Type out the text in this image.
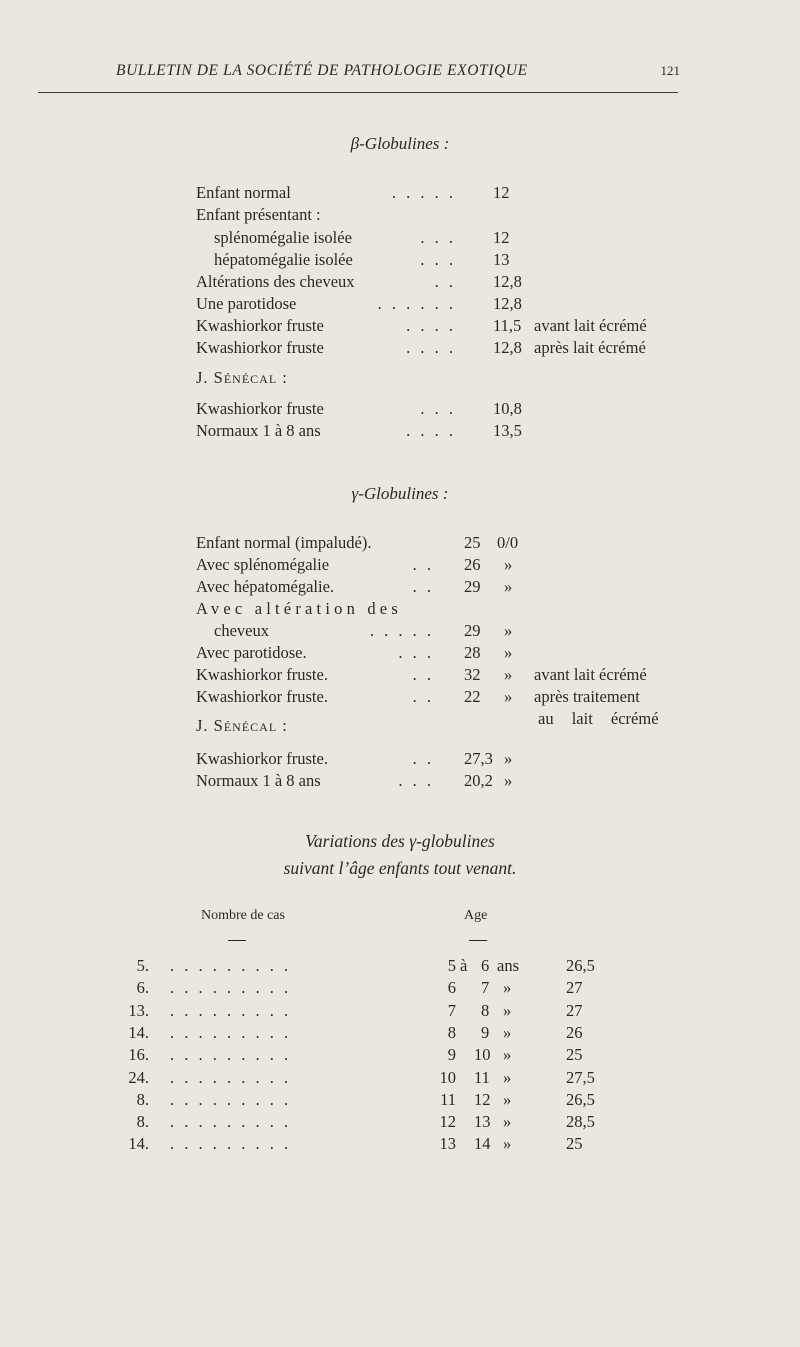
BULLETIN DE LA SOCIÉTÉ DE PATHOLOGIE EXOTIQUE	121
β-Globulines :
Enfant normal	. . . . . 12
Enfant présentant :
splénomégalie isolée	. . . 12
hépatomégalie isolée	. . . 13
Altérations des cheveux	. . 12,8
Une parotidose	. . . . . . 12,8
Kwashiorkor fruste	. . . . 11,5 avant lait écrémé
Kwashiorkor fruste	. . . . 12,8 après lait écrémé
J. Sénécal :
Kwashiorkor fruste	. . . 10,8
Normaux 1 à 8 ans	. . . . 13,5
γ-Globulines :
Enfant normal (impaludé).	25 0/0
Avec splénomégalie	. . 26 »
Avec hépatomégalie.	. . 29 »
Avec altération des
cheveux	. . . . . 29 »
Avec parotidose.	. . . 28 »
Kwashiorkor fruste.	. . 32 » avant lait écrémé
Kwashiorkor fruste.	. . 22 » après traitement
au lait écrémé
J. Sénécal :
Kwashiorkor fruste.	. . 27,3 »
Normaux 1 à 8 ans	. . . 20,2 »
Variations des γ-globulines
suivant l’âge enfants tout venant.
Nombre de cas	Age
5. . . . . . . . . .	5 à 6 ans	26,5
6. . . . . . . . . .	6 7 »	27
13. . . . . . . . . .	7 8 »	27
14. . . . . . . . . .	8 9 »	26
16. . . . . . . . . .	9 10 »	25
24. . . . . . . . . .	10 11 »	27,5
8. . . . . . . . . .	11 12 »	26,5
8. . . . . . . . . .	12 13 »	28,5
14. . . . . . . . . .	13 14 »	25
